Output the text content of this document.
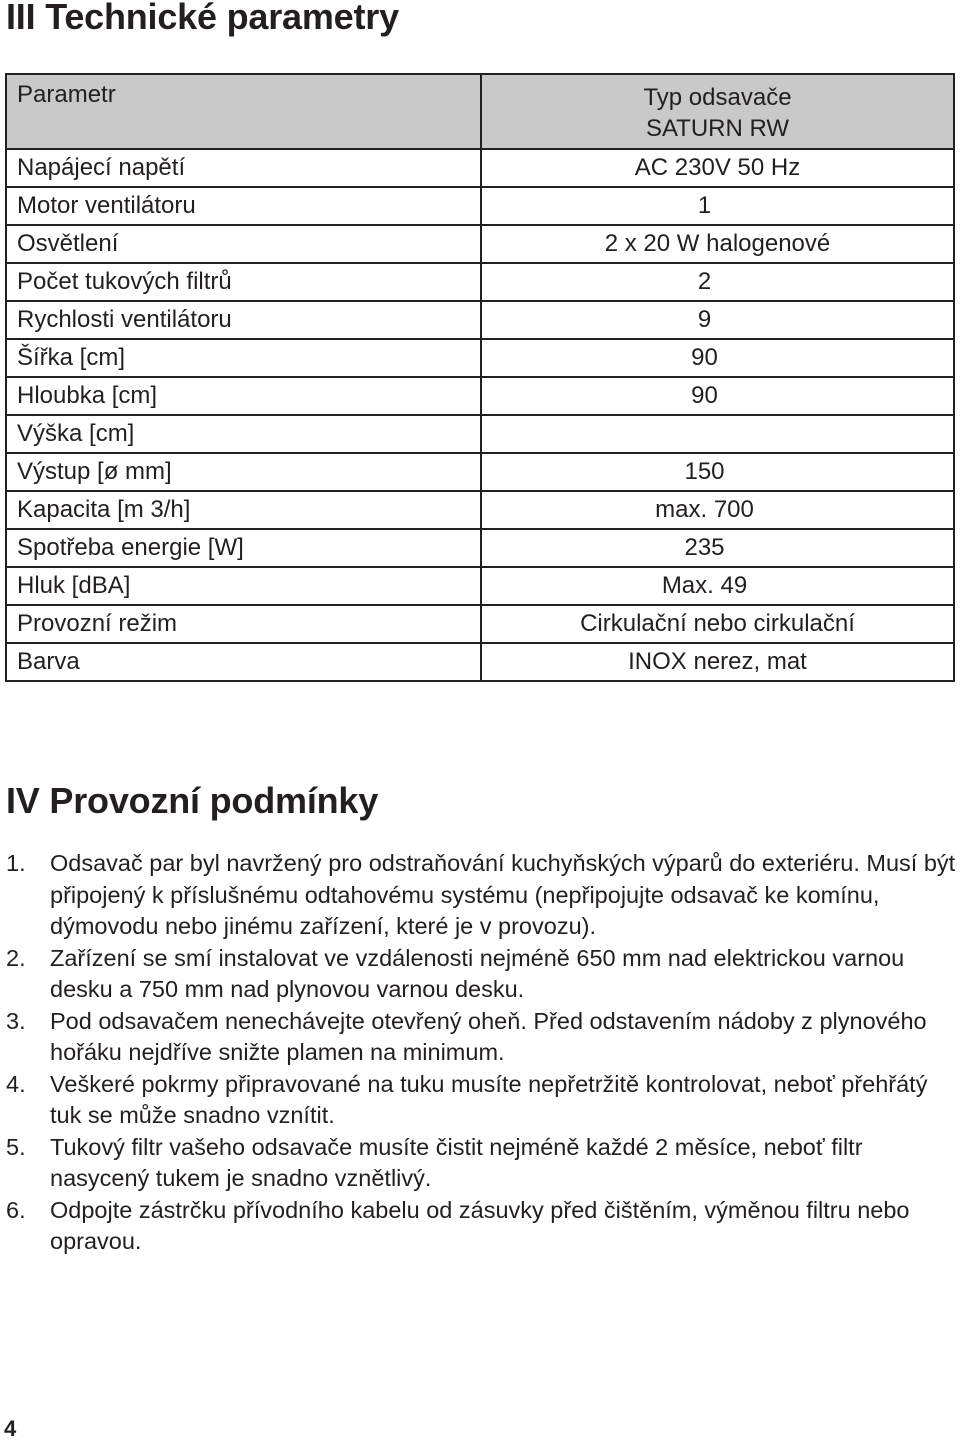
III Technické parametry
Parametr	Typ odsavače
SATURN RW
Napájecí napětí	AC 230V 50 Hz
Motor ventilátoru	1
Osvětlení	2 x 20 W halogenové
Počet tukových filtrů	2
Rychlosti ventilátoru	9
Šířka [cm]	90
Hloubka [cm]	90
Výška [cm]	
Výstup [ø mm]	150
Kapacita [m 3/h]	max. 700
Spotřeba energie [W]	235
Hluk [dBA]	Max. 49
Provozní režim	Cirkulační nebo cirkulační
Barva	INOX nerez, mat
IV Provozní podmínky
1. Odsavač par byl navržený pro odstraňování kuchyňských výparů do exteriéru. Musí být připojený k příslušnému odtahovému systému (nepřipojujte odsavač ke komínu, dýmovodu nebo jinému zařízení, které je v provozu).
2. Zařízení se smí instalovat ve vzdálenosti nejméně 650 mm nad elektrickou varnou desku a 750 mm nad plynovou varnou desku.
3. Pod odsavačem nenechávejte otevřený oheň. Před odstavením nádoby z plynového hořáku nejdříve snižte plamen na minimum.
4. Veškeré pokrmy připravované na tuku musíte nepřetržitě kontrolovat, neboť přehřátý tuk se může snadno vznítit.
5. Tukový filtr vašeho odsavače musíte čistit nejméně každé 2 měsíce, neboť filtr nasycený tukem je snadno vznětlivý.
6. Odpojte zástrčku přívodního kabelu od zásuvky před čištěním, výměnou filtru nebo opravou.

4
